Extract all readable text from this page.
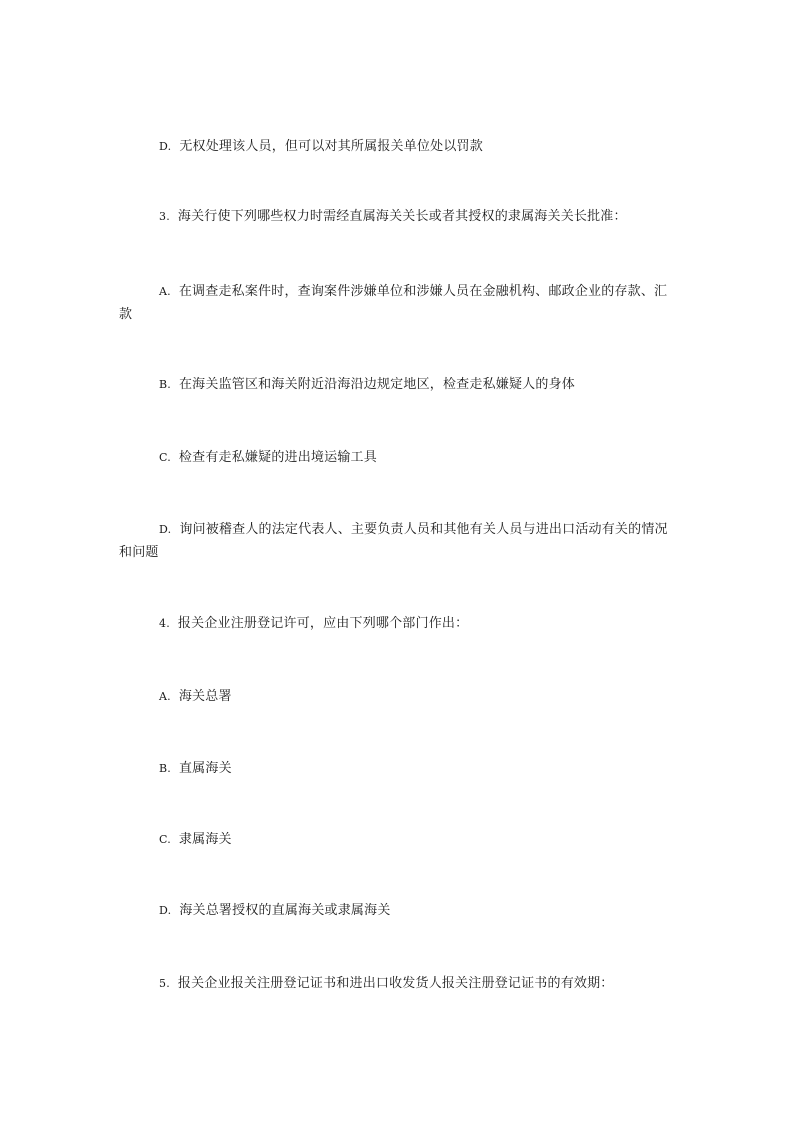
D. 无权处理该人员，但可以对其所属报关单位处以罚款

3. 海关行使下列哪些权力时需经直属海关关长或者其授权的隶属海关关长批准：

A. 在调查走私案件时，查询案件涉嫌单位和涉嫌人员在金融机构、邮政企业的存款、汇款

B. 在海关监管区和海关附近沿海沿边规定地区，检查走私嫌疑人的身体

C. 检查有走私嫌疑的进出境运输工具

D. 询问被稽查人的法定代表人、主要负责人员和其他有关人员与进出口活动有关的情况和问题

4. 报关企业注册登记许可，应由下列哪个部门作出：

A. 海关总署

B. 直属海关

C. 隶属海关

D. 海关总署授权的直属海关或隶属海关

5. 报关企业报关注册登记证书和进出口收发货人报关注册登记证书的有效期：
